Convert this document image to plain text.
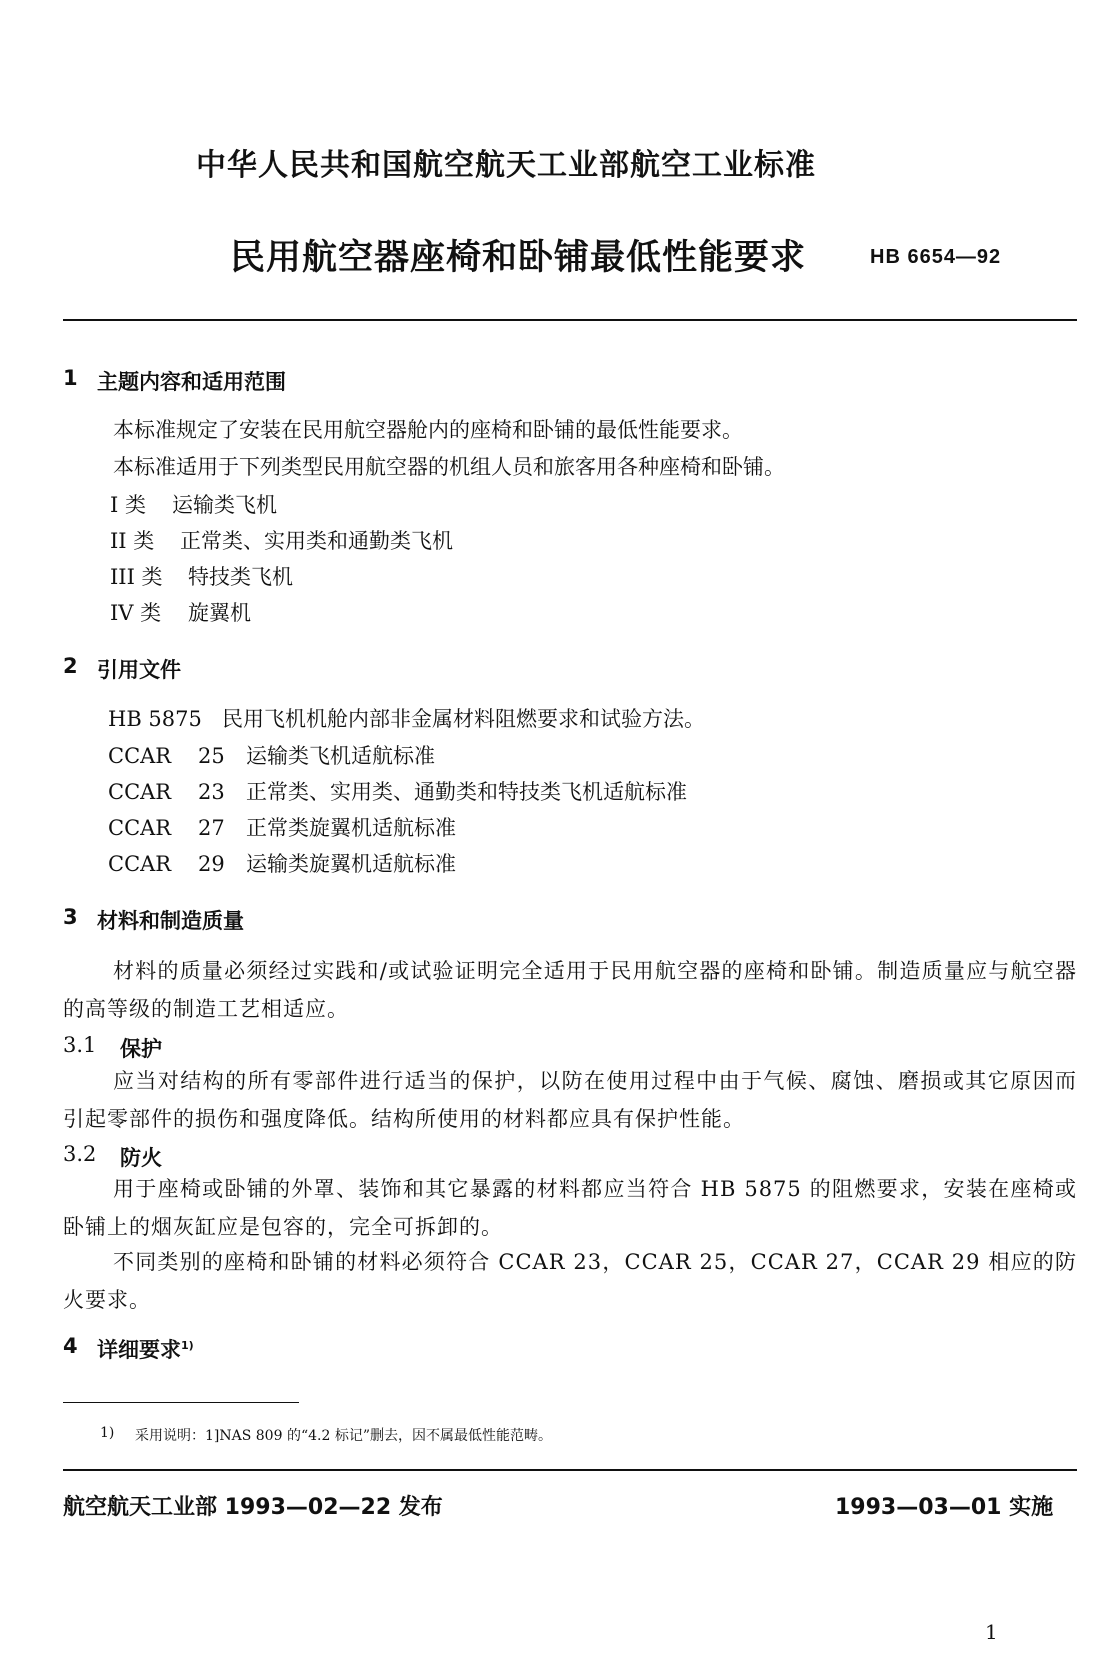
中华人民共和国航空航天工业部航空工业标准
民用航空器座椅和卧铺最低性能要求	HB 6654—92
1 主题内容和适用范围
本标准规定了安装在民用航空器舱内的座椅和卧铺的最低性能要求。
本标准适用于下列类型民用航空器的机组人员和旅客用各种座椅和卧铺。
I 类 运输类飞机
II 类 正常类、实用类和通勤类飞机
III 类 特技类飞机
IV 类 旋翼机
2 引用文件
HB 5875 民用飞机机舱内部非金属材料阻燃要求和试验方法。
CCAR 25 运输类飞机适航标准
CCAR 23 正常类、实用类、通勤类和特技类飞机适航标准
CCAR 27 正常类旋翼机适航标准
CCAR 29 运输类旋翼机适航标准
3 材料和制造质量
材料的质量必须经过实践和/或试验证明完全适用于民用航空器的座椅和卧铺。制造质量应与航空器的高等级的制造工艺相适应。
3.1 保护
应当对结构的所有零部件进行适当的保护，以防在使用过程中由于气候、腐蚀、磨损或其它原因而引起零部件的损伤和强度降低。结构所使用的材料都应具有保护性能。
3.2 防火
用于座椅或卧铺的外罩、装饰和其它暴露的材料都应当符合 HB 5875 的阻燃要求，安装在座椅或卧铺上的烟灰缸应是包容的，完全可拆卸的。
不同类别的座椅和卧铺的材料必须符合 CCAR 23，CCAR 25，CCAR 27，CCAR 29 相应的防火要求。
4 详细要求$^{1)}$
1) 采用说明：1]NAS 809 的“4.2 标记”删去，因不属最低性能范畴。
航空航天工业部 1993—02—22 发布	1993—03—01 实施
1
